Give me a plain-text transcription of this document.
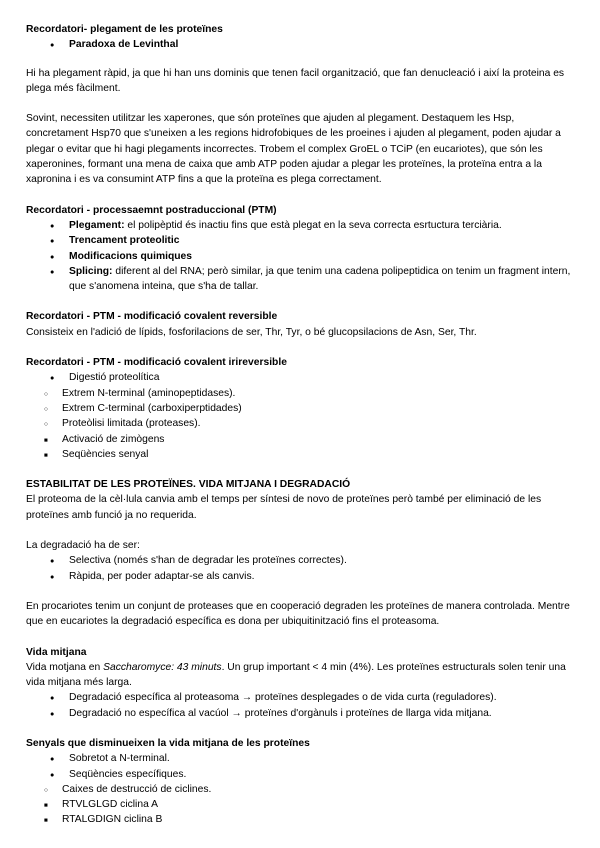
Recordatori- plegament de les proteïnes
● Paradoxa de Levinthal

Hi ha plegament ràpid, ja que hi han uns dominis que tenen facil organització, que fan denucleació i així la proteina es plega més fàcilment.

Sovint, necessiten utilitzar les xaperones, que són proteïnes que ajuden al plegament. Destaquem les Hsp, concretament Hsp70 que s'uneixen a les regions hidrofobiques de les proeines i ajuden al plegament, poden ajudar a plegar o evitar que hi hagi plegaments incorrectes. Trobem el complex GroEL o TCiP (en eucariotes), que són les xaperonines, formant una mena de caixa que amb ATP poden ajudar a plegar les proteïnes, la proteïna entra a la xapronina i es va consumint ATP fins a que la proteïna es plega correctament.

Recordatori - processaemnt postraduccional (PTM)
● Plegament: el polipèptid és inactiu fins que està plegat en la seva correcta esrtuctura terciària.
● Trencament proteolitic
● Modificacions quimiques
● Splicing: diferent al del RNA; però similar, ja que tenim una cadena polipeptidica on tenim un fragment intern, que s'anomena inteina, que s'ha de tallar.
Recordatori - PTM - modificació covalent reversible

Consisteix en l'adició de lípids, fosforilacions de ser, Thr, Tyr, o bé glucopsilacions de Asn, Ser, Thr.

Recordatori - PTM - modificació covalent irireversible
● Digestió proteolítica
○ Extrem N-terminal (aminopeptidases).
○ Extrem C-terminal (carboxiperptidades)
○ Proteòlisi limitada (proteases).
■ Activació de zimògens
■ Seqüències senyal
ESTABILITAT DE LES PROTEÏNES. VIDA MITJANA I DEGRADACIÓ

El proteoma de la cèl·lula canvia amb el temps per síntesi de novo de proteïnes però també per eliminació de les proteïnes amb funció ja no requerida.

La degradació ha de ser:

● Selectiva (només s'han de degradar les proteïnes correctes).
● Ràpida, per poder adaptar-se als canvis.

En procariotes tenim un conjunt de proteases que en cooperació degraden les proteïnes de manera controlada. Mentre que en eucariotes la degradació específica es dona per ubiquitinització fins el proteasoma.

Vida mitjana

Vida motjana en Saccharomyce: 43 minuts. Un grup important < 4 min (4%). Les proteïnes estructurals solen tenir una vida mitjana més larga.

● Degradació específica al proteasoma → proteïnes desplegades o de vida curta (reguladores).
● Degradació no específica al vacúol → proteïnes d'orgànuls i proteïnes de llarga vida mitjana.
Senyals que disminueixen la vida mitjana de les proteïnes
● Sobretot a N-terminal.
● Seqüències específiques.
○ Caixes de destrucció de ciclines.
■ RTVLGLGD ciclina A
■ RTALGDIGN ciclina B
